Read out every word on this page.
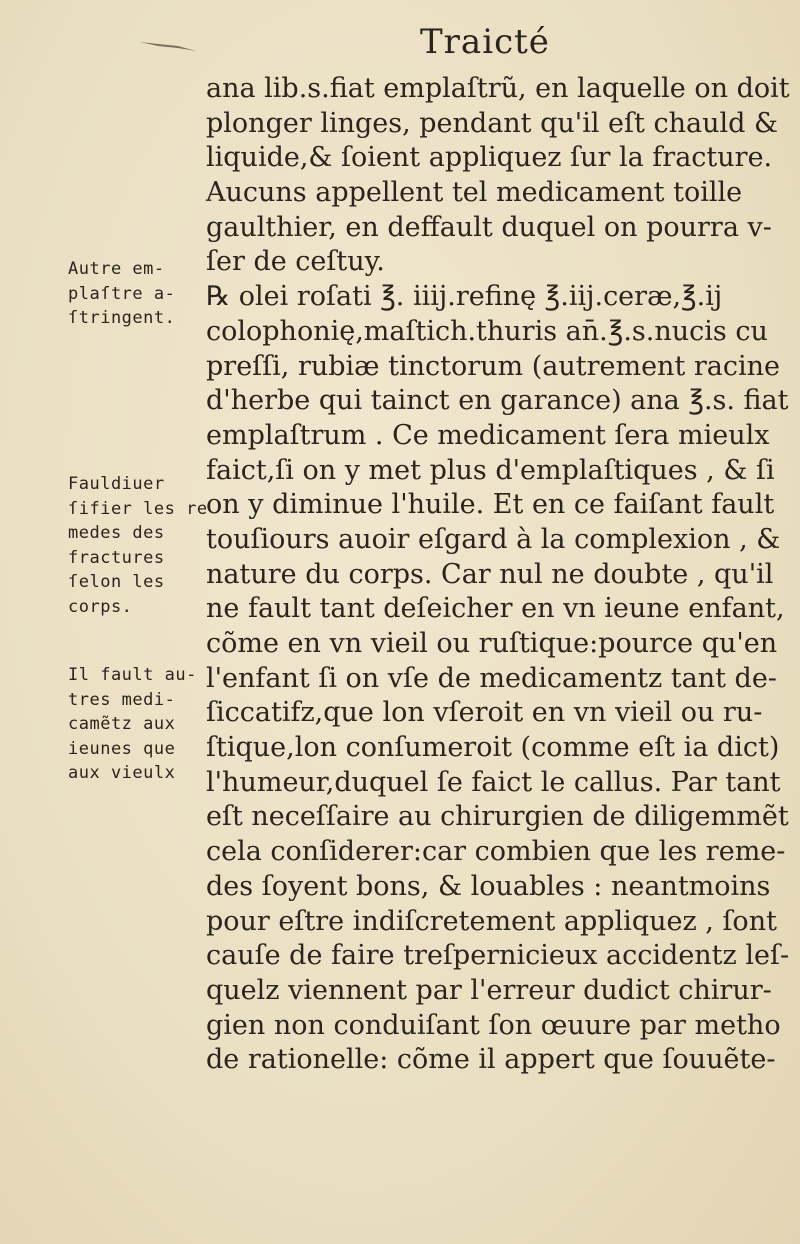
Traicté
ana lib.s.fiat emplaſtrũ, en laquelle on doit
plonger linges, pendant qu'il eſt chauld &
liquide,& ſoient appliquez ſur la fracture.
Aucuns appellent tel medicament toille
gaulthier, en deffault duquel on pourra v-
ſer de ceſtuy.
℞ olei roſati ℥. iiij.refinę ℥.iij.ceræ,℥.ij
colophonię,maſtich.thuris an̄.℥.s.nucis cu
preſſi, rubiæ tinctorum (autrement racine
d'herbe qui tainct en garance) ana ℥.s. fiat
emplaſtrum . Ce medicament ſera mieulx
faict,ſi on y met plus d'emplaſtiques , & ſi
on y diminue l'huile. Et en ce faiſant fault
touſiours auoir eſgard à la complexion , &
nature du corps. Car nul ne doubte , qu'il
ne fault tant deſeicher en vn ieune enfant,
cõme en vn vieil ou ruſtique:pource qu'en
l'enfant ſi on vſe de medicamentz tant de-
ſiccatifz,que lon vſeroit en vn vieil ou ru-
ſtique,lon conſumeroit (comme eſt ia dict)
l'humeur,duquel ſe faict le callus. Par tant
eſt neceſſaire au chirurgien de diligemmẽt
cela conſiderer:car combien que les reme-
des ſoyent bons, & louables : neantmoins
pour eſtre indiſcretement appliquez , ſont
cauſe de faire treſpernicieux accidentz leſ-
quelz viennent par l'erreur dudict chirur-
gien non conduiſant ſon œuure par metho
de rationelle: cõme il appert que ſouuẽte-
Autre em-
plaſtre a-
ſtringent.
Fauldiuer
ſifier les re
medes des
fractures
ſelon les
corps.
Il fault au-
tres medi-
camẽtz aux
ieunes que
aux vieulx
